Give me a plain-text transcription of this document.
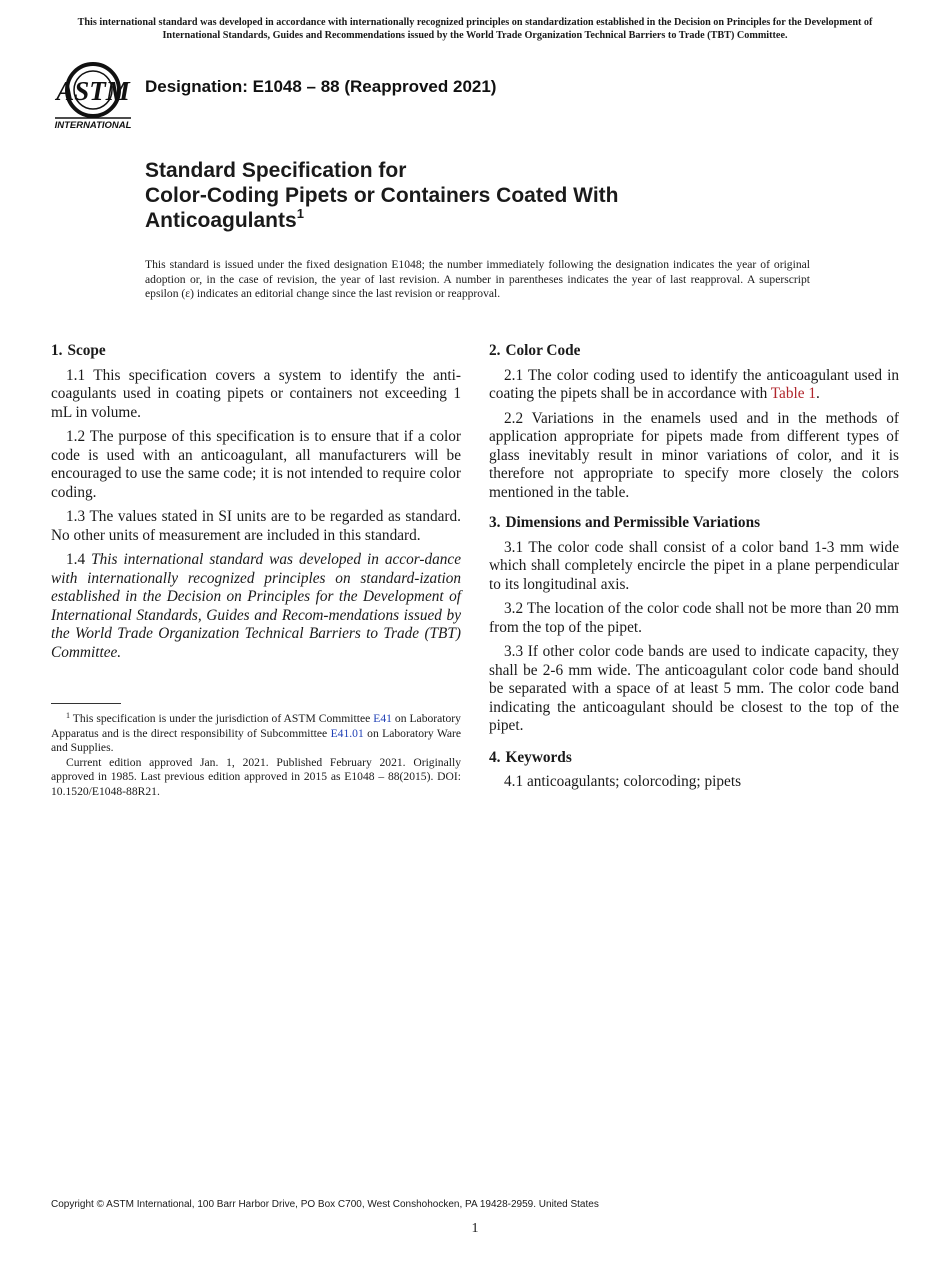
This international standard was developed in accordance with internationally recognized principles on standardization established in the Decision on Principles for the Development of International Standards, Guides and Recommendations issued by the World Trade Organization Technical Barriers to Trade (TBT) Committee.
ASTM
INTERNATIONAL
Designation: E1048 – 88 (Reapproved 2021)
Standard Specification for
Color-Coding Pipets or Containers Coated With
Anticoagulants$^1$
This standard is issued under the fixed designation E1048; the number immediately following the designation indicates the year of original adoption or, in the case of revision, the year of last revision. A number in parentheses indicates the year of last reapproval. A superscript epsilon (ε) indicates an editorial change since the last revision or reapproval.
1. Scope

1.1 This specification covers a system to identify the anti-coagulants used in coating pipets or containers not exceeding 1 mL in volume.

1.2 The purpose of this specification is to ensure that if a color code is used with an anticoagulant, all manufacturers will be encouraged to use the same code; it is not intended to require color coding.

1.3 The values stated in SI units are to be regarded as standard. No other units of measurement are included in this standard.

1.4 This international standard was developed in accor-dance with internationally recognized principles on standard-ization established in the Decision on Principles for the Development of International Standards, Guides and Recom-mendations issued by the World Trade Organization Technical Barriers to Trade (TBT) Committee.

$^1$ This specification is under the jurisdiction of ASTM Committee E41 on Laboratory Apparatus and is the direct responsibility of Subcommittee E41.01 on Laboratory Ware and Supplies.

Current edition approved Jan. 1, 2021. Published February 2021. Originally approved in 1985. Last previous edition approved in 2015 as E1048 – 88(2015). DOI: 10.1520/E1048-88R21.

2. Color Code

2.1 The color coding used to identify the anticoagulant used in coating the pipets shall be in accordance with Table 1.

2.2 Variations in the enamels used and in the methods of application appropriate for pipets made from different types of glass inevitably result in minor variations of color, and it is therefore not appropriate to specify more closely the colors mentioned in the table.

3. Dimensions and Permissible Variations

3.1 The color code shall consist of a color band 1-3 mm wide which shall completely encircle the pipet in a plane perpendicular to its longitudinal axis.

3.2 The location of the color code shall not be more than 20 mm from the top of the pipet.

3.3 If other color code bands are used to indicate capacity, they shall be 2-6 mm wide. The anticoagulant color code band should be separated with a space of at least 5 mm. The color code band indicating the anticoagulant should be closest to the top of the pipet.

4. Keywords

4.1 anticoagulants; colorcoding; pipets

Copyright © ASTM International, 100 Barr Harbor Drive, PO Box C700, West Conshohocken, PA 19428-2959. United States
1
